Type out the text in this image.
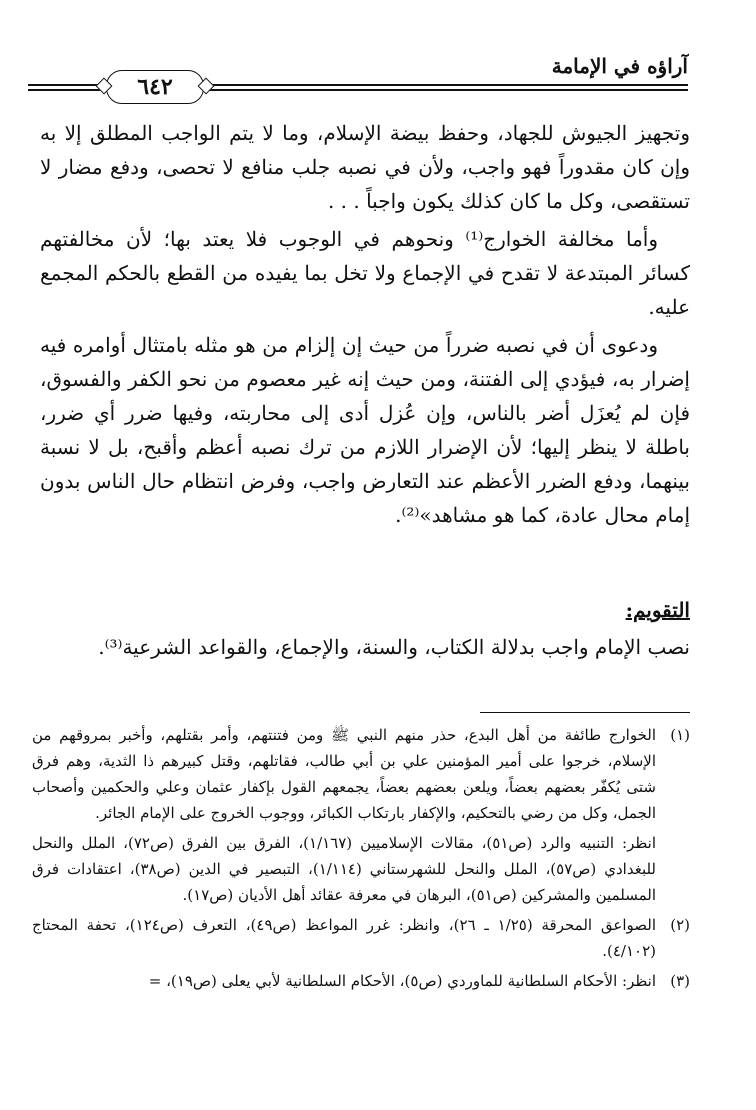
آراؤه في الإمامة
٦٤٢

وتجهيز الجيوش للجهاد، وحفظ بيضة الإسلام، وما لا يتم الواجب المطلق إلا به وإن كان مقدوراً فهو واجب، ولأن في نصبه جلب منافع لا تحصى، ودفع مضار لا تستقصى، وكل ما كان كذلك يكون واجباً . . .

وأما مخالفة الخوارج⁽¹⁾ ونحوهم في الوجوب فلا يعتد بها؛ لأن مخالفتهم كسائر المبتدعة لا تقدح في الإجماع ولا تخل بما يفيده من القطع بالحكم المجمع عليه.

ودعوى أن في نصبه ضرراً من حيث إن إلزام من هو مثله بامتثال أوامره فيه إضرار به، فيؤدي إلى الفتنة، ومن حيث إنه غير معصوم من نحو الكفر والفسوق، فإن لم يُعزَل أضر بالناس، وإن عُزل أدى إلى محاربته، وفيها ضرر أي ضرر، باطلة لا ينظر إليها؛ لأن الإضرار اللازم من ترك نصبه أعظم وأقبح، بل لا نسبة بينهما، ودفع الضرر الأعظم عند التعارض واجب، وفرض انتظام حال الناس بدون إمام محال عادة، كما هو مشاهد»⁽²⁾.

التقويم:

نصب الإمام واجب بدلالة الكتاب، والسنة، والإجماع، والقواعد الشرعية⁽³⁾.

(١)
الخوارج طائفة من أهل البدع، حذر منهم النبي ﷺ ومن فتنتهم، وأمر بقتلهم، وأخبر بمروقهم من الإسلام، خرجوا على أمير المؤمنين علي بن أبي طالب، فقاتلهم، وقتل كبيرهم ذا الثدية، وهم فرق شتى يُكفّر بعضهم بعضاً، ويلعن بعضهم بعضاً، يجمعهم القول بإكفار عثمان وعلي والحكمين وأصحاب الجمل، وكل من رضي بالتحكيم، والإكفار بارتكاب الكبائر، ووجوب الخروج على الإمام الجائر.
انظر: التنبيه والرد (ص٥١)، مقالات الإسلاميين (١/١٦٧)، الفرق بين الفرق (ص٧٢)، الملل والنحل للبغدادي (ص٥٧)، الملل والنحل للشهرستاني (١/١١٤)، التبصير في الدين (ص٣٨)، اعتقادات فرق المسلمين والمشركين (ص٥١)، البرهان في معرفة عقائد أهل الأديان (ص١٧).
(٢)
الصواعق المحرقة (١/٢٥ ـ ٢٦)، وانظر: غرر المواعظ (ص٤٩)، التعرف (ص١٢٤)، تحفة المحتاج (٤/١٠٢).
(٣)
انظر: الأحكام السلطانية للماوردي (ص٥)، الأحكام السلطانية لأبي يعلى (ص١٩)، =
